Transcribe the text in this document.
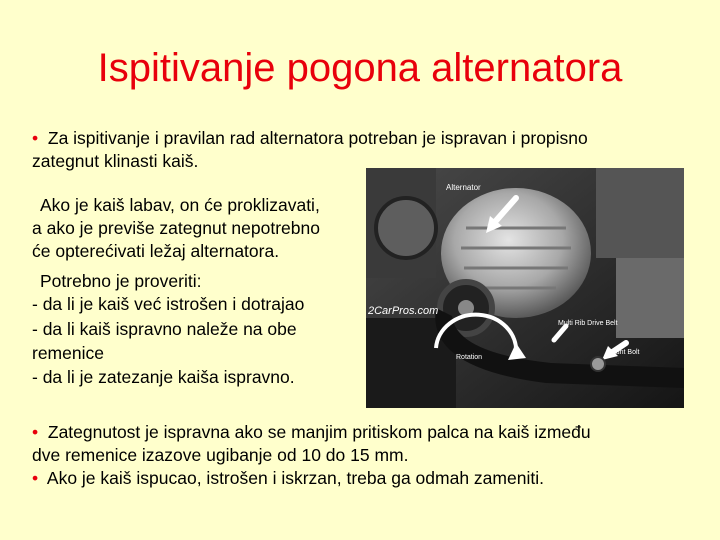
Ispitivanje pogona alternatora
• Za ispitivanje i pravilan rad alternatora potreban je ispravan i propisno
zategnut klinasti kaiš.
Ako je kaiš labav, on će proklizavati,
a ako je previše zategnut nepotrebno
će opterećivati ležaj alternatora.
Potrebno je proveriti:
- da li je kaiš već istrošen i dotrajao
- da li kaiš ispravno naleže na obe
remenice
- da li je zatezanje kaiša ispravno.
Alternator
2CarPros.com
Multi Rib Drive Belt
Rotation
Mount Bolt
• Zategnutost je ispravna ako se manjim pritiskom palca na kaiš između
dve remenice izazove ugibanje od 10 do 15 mm.
• Ako je kaiš ispucao, istrošen i iskrzan, treba ga odmah zameniti.
